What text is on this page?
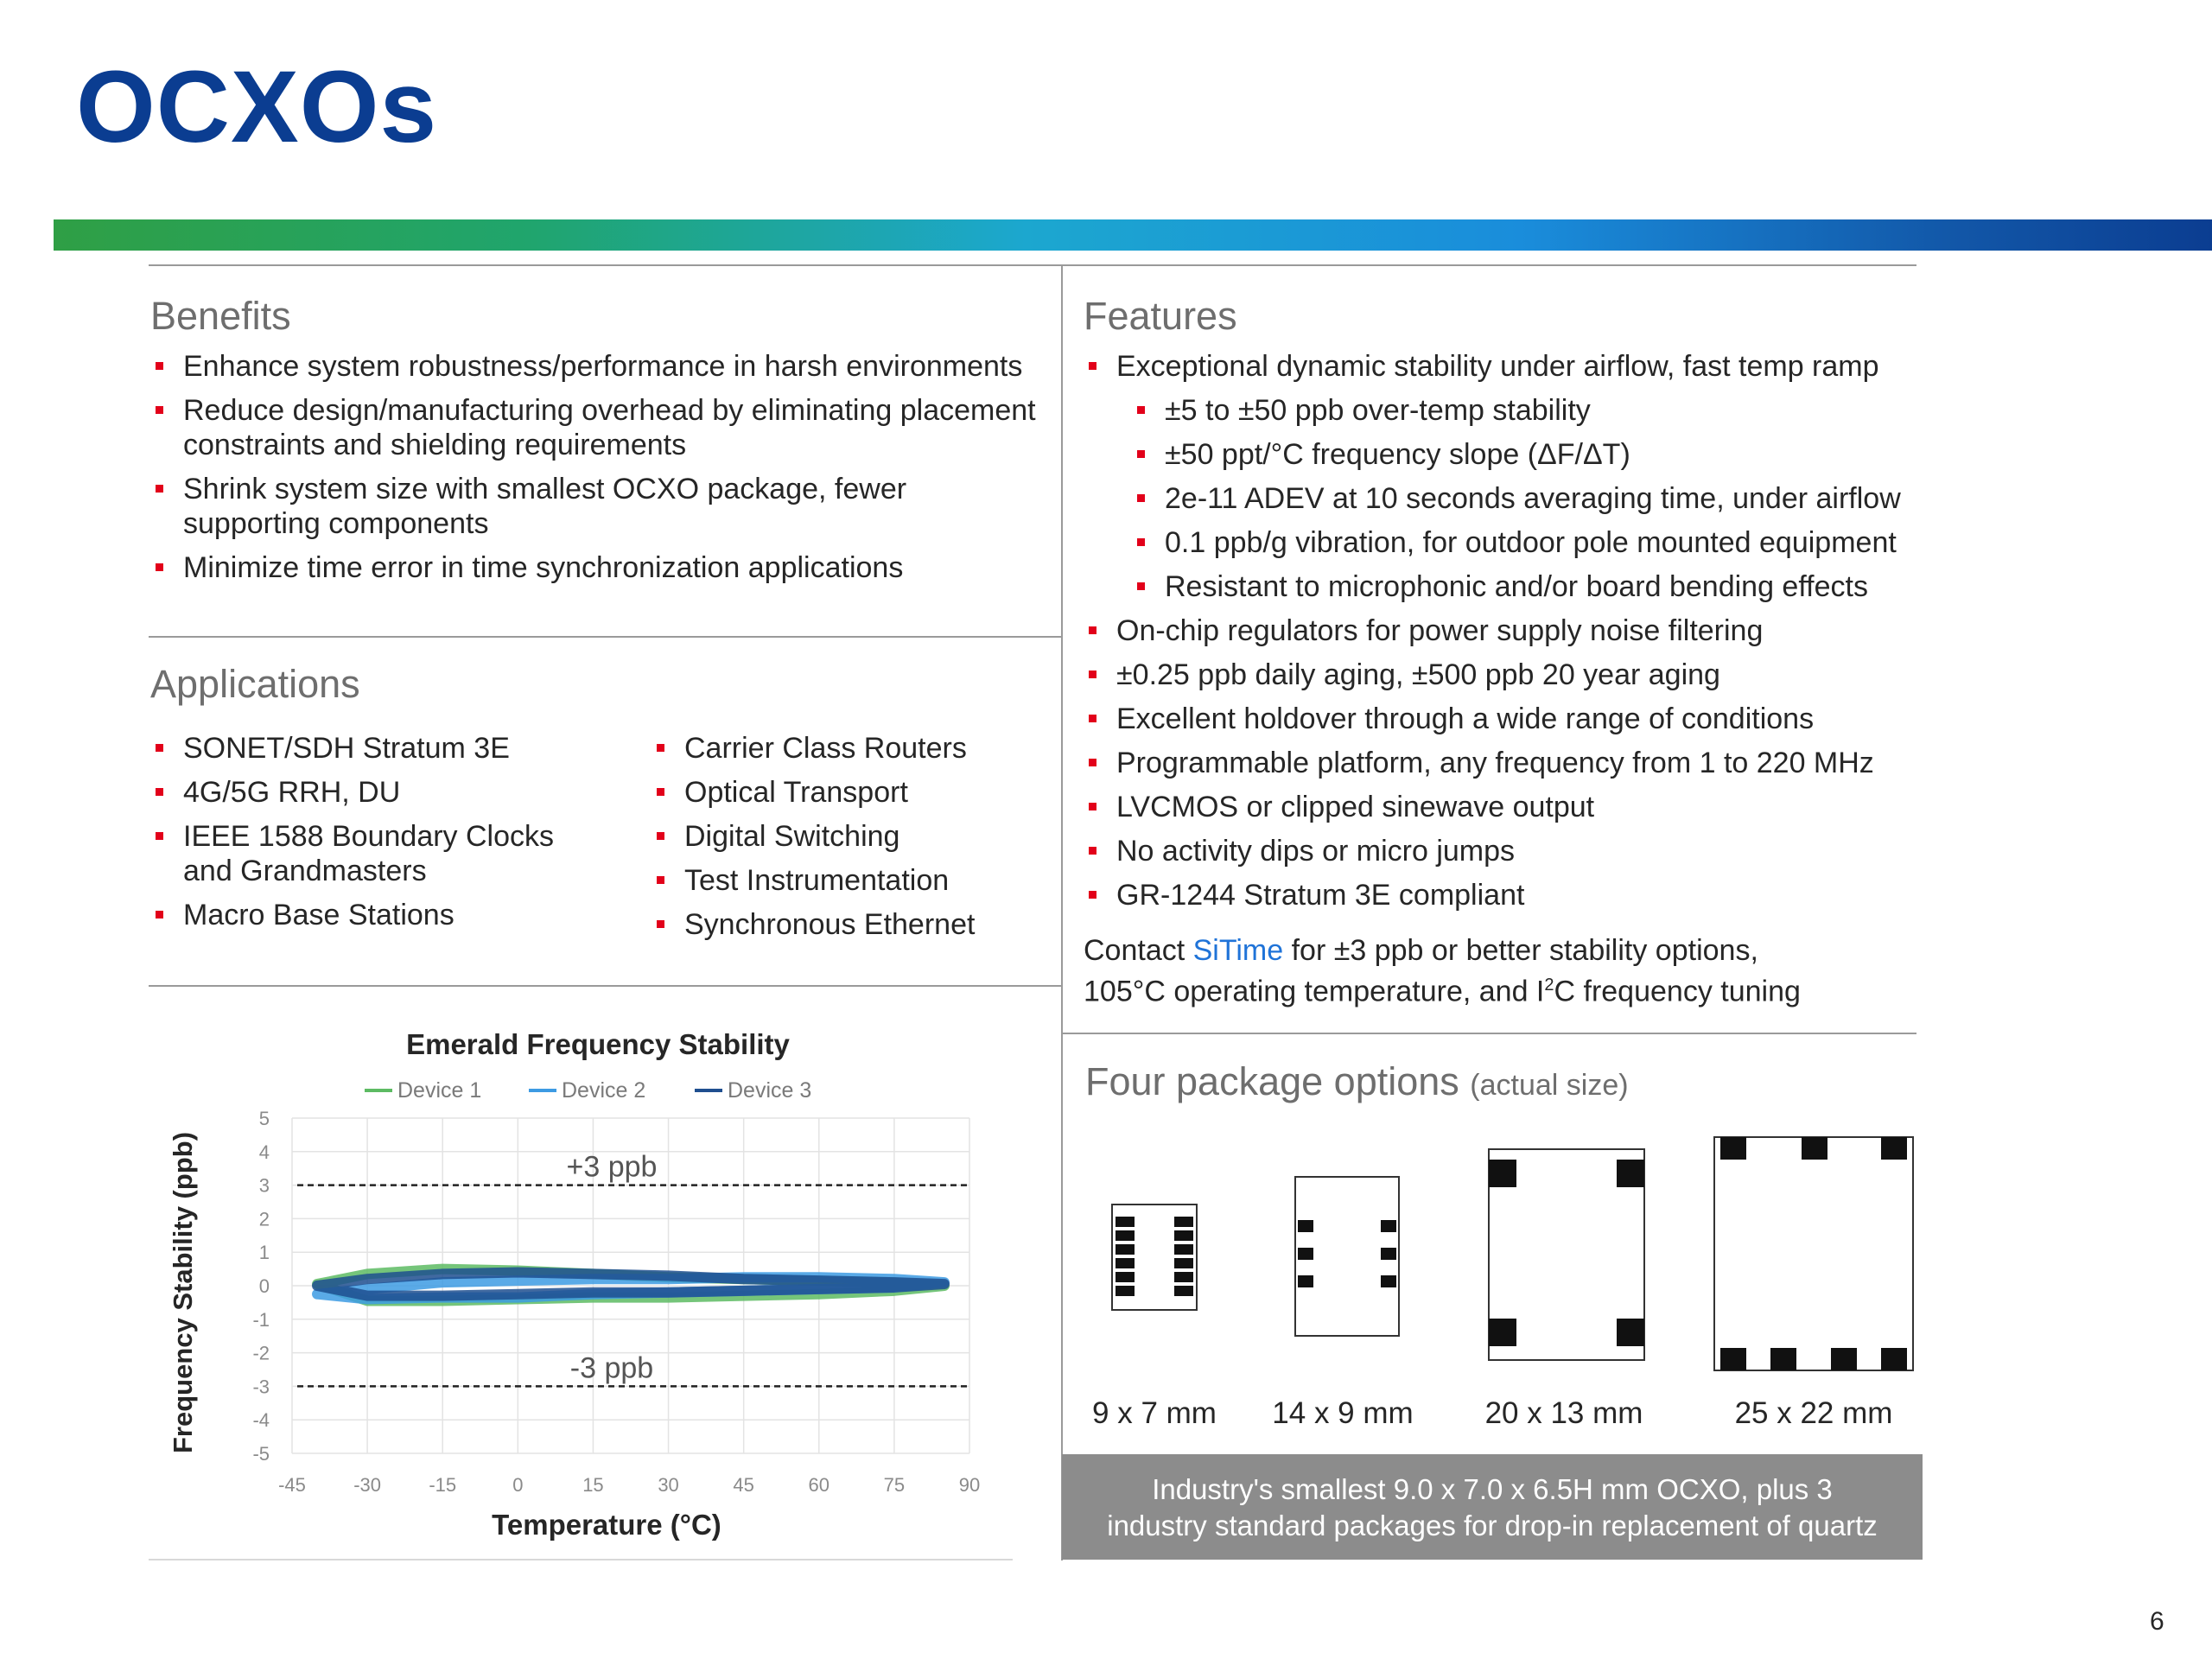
OCXOs
Benefits
Enhance system robustness/performance in harsh environments
Reduce design/manufacturing overhead by eliminating placement
constraints and shielding requirements
Shrink system size with smallest OCXO package, fewer
supporting components
Minimize time error in time synchronization applications
Applications
SONET/SDH Stratum 3E
4G/5G RRH, DU
IEEE 1588 Boundary Clocks
and Grandmasters
Macro Base Stations
Carrier Class Routers
Optical Transport
Digital Switching
Test Instrumentation
Synchronous Ethernet
Features
Exceptional dynamic stability under airflow, fast temp ramp
±5 to ±50 ppb over-temp stability
±50 ppt/°C frequency slope (ΔF/ΔT)
2e-11 ADEV at 10 seconds averaging time, under airflow
0.1 ppb/g vibration, for outdoor pole mounted equipment
Resistant to microphonic and/or board bending effects
On-chip regulators for power supply noise filtering
±0.25 ppb daily aging, ±500 ppb 20 year aging
Excellent holdover through a wide range of conditions
Programmable platform, any frequency from 1 to 220 MHz
LVCMOS or clipped sinewave output
No activity dips or micro jumps
GR-1244 Stratum 3E compliant
Contact SiTime for ±3 ppb or better stability options,
105°C operating temperature, and $I^2C$ frequency tuning
Four package options (actual size)
9 x 7 mm	14 x 9 mm	20 x 13 mm	25 x 22 mm
Industry's smallest 9.0 x 7.0 x 6.5H mm OCXO, plus 3
industry standard packages for drop-in replacement of quartz
-45	-30	-15	0	15	30	45	60	75	90
5
4
3
2
1
0
-1
-2
-3
-4
-5
Emerald Frequency Stability
Device 1	Device 2	Device 3
+3 ppb
-3 ppb
Temperature (°C)
Frequency Stability (ppb)
6
